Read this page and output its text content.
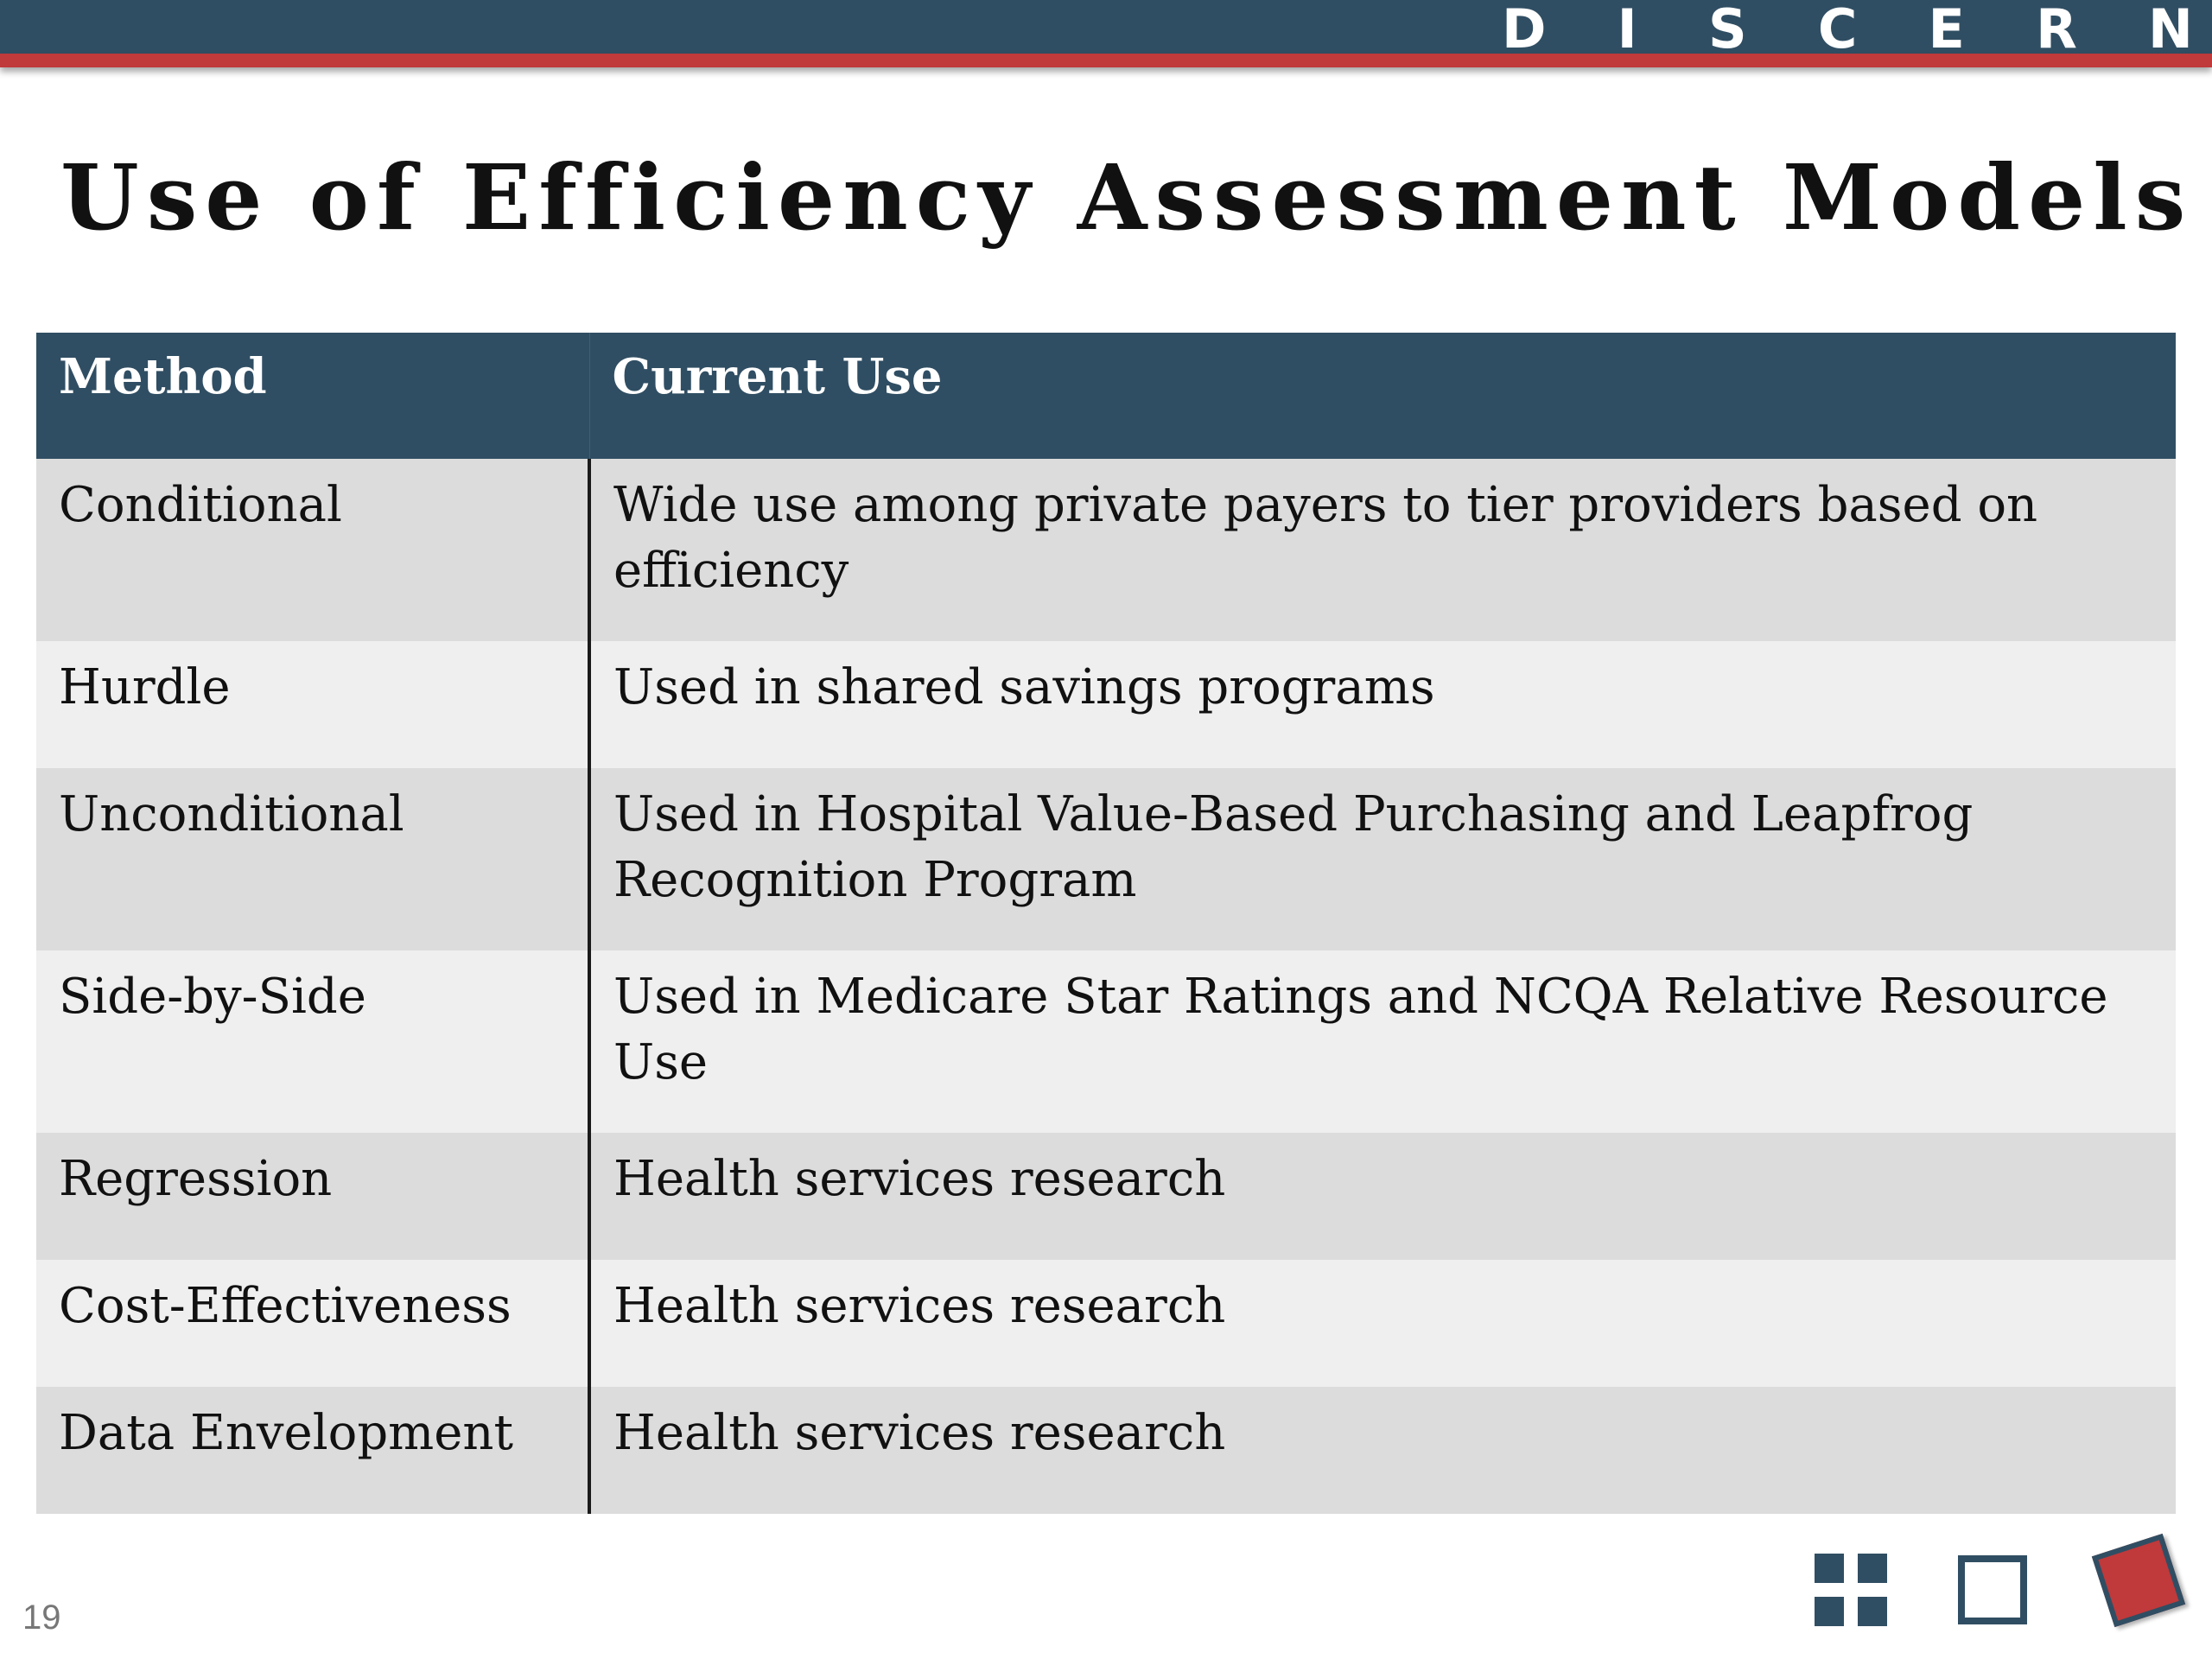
D I S C E R N
Use of Efficiency Assessment Models
Method	Current Use
Conditional	Wide use among private payers to tier providers based on efficiency
Hurdle	Used in shared savings programs
Unconditional	Used in Hospital Value-Based Purchasing and Leapfrog Recognition Program
Side-by-Side	Used in Medicare Star Ratings and NCQA Relative Resource Use
Regression	Health services research
Cost-Effectiveness	Health services research
Data Envelopment	Health services research
19
